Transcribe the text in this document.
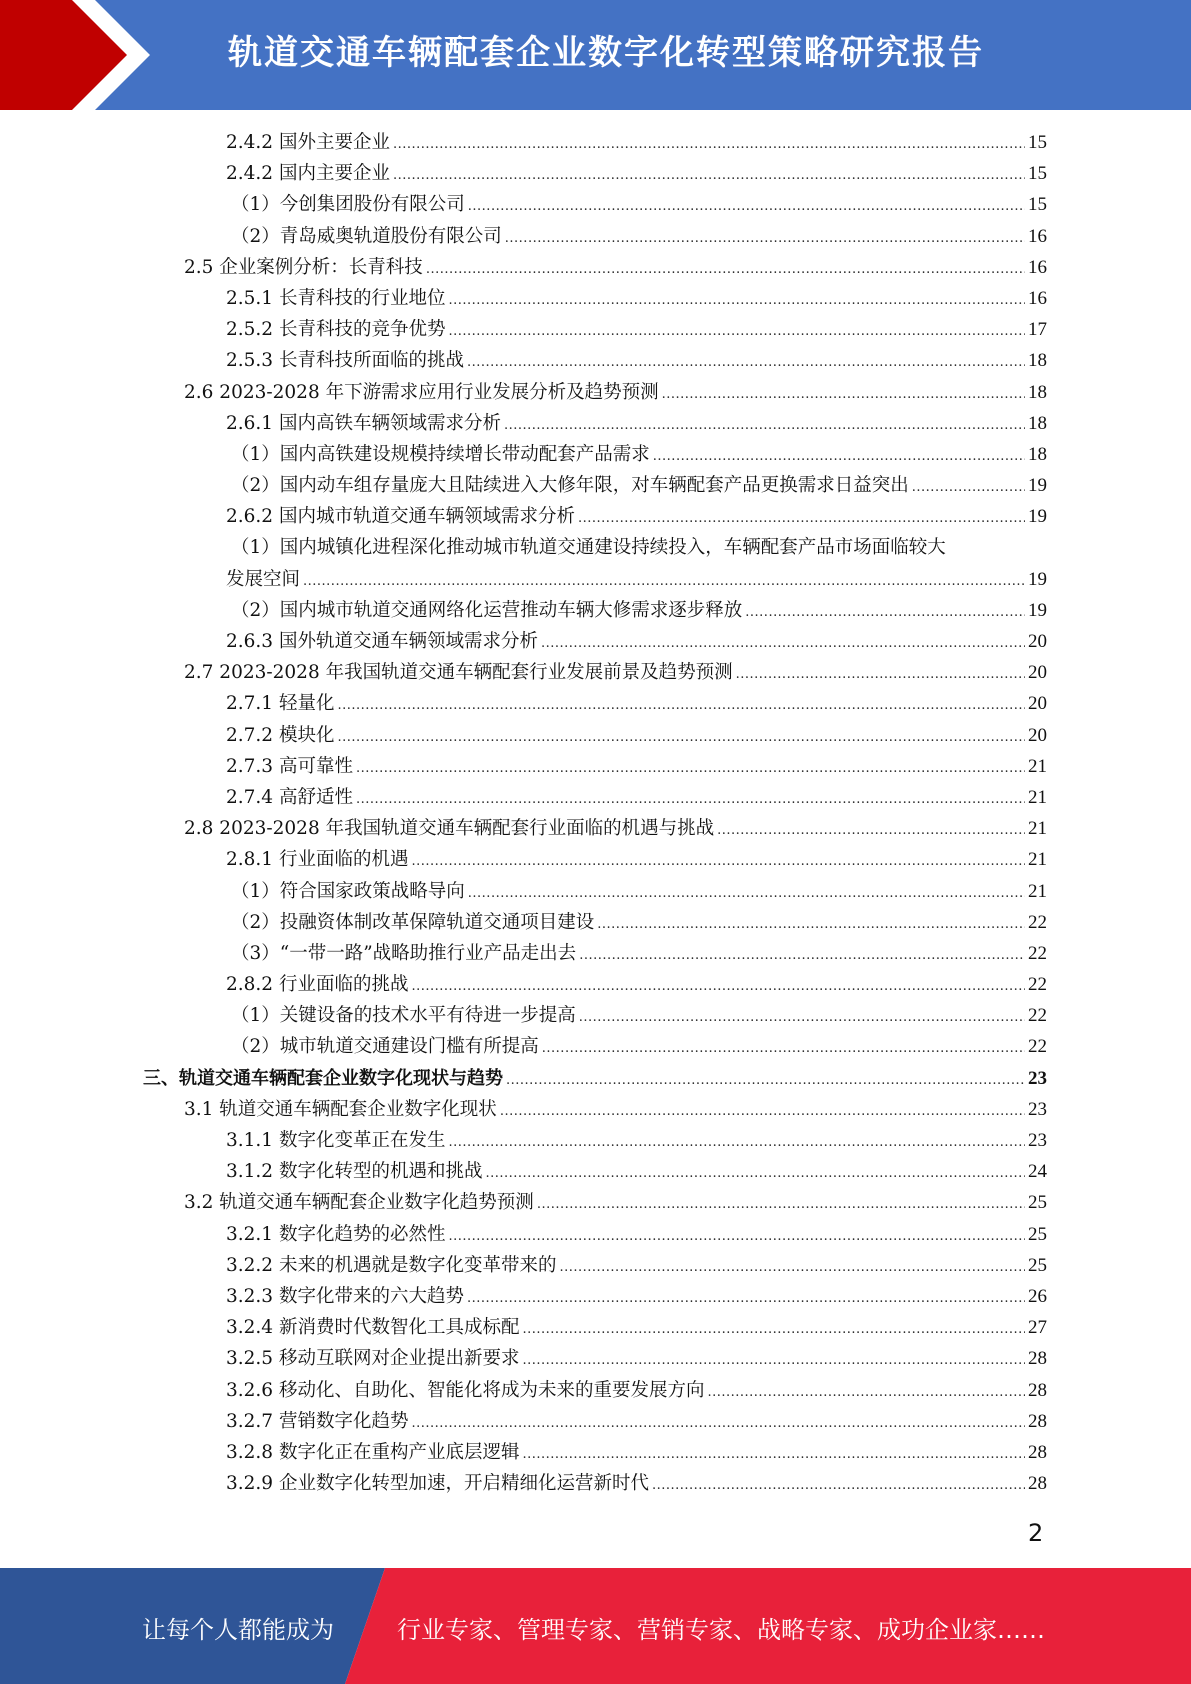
轨道交通车辆配套企业数字化转型策略研究报告
2.4.2 国外主要企业 .....	15
2.4.2 国内主要企业 .....	15
（1）今创集团股份有限公司 .....	15
（2）青岛威奥轨道股份有限公司 .....	16
2.5 企业案例分析：长青科技 .....	16
2.5.1 长青科技的行业地位 .....	16
2.5.2 长青科技的竞争优势 .....	17
2.5.3 长青科技所面临的挑战 .....	18
2.6 2023-2028 年下游需求应用行业发展分析及趋势预测 .....	18
2.6.1 国内高铁车辆领域需求分析 .....	18
（1）国内高铁建设规模持续增长带动配套产品需求 .....	18
（2）国内动车组存量庞大且陆续进入大修年限，对车辆配套产品更换需求日益突出 .....	19
2.6.2 国内城市轨道交通车辆领域需求分析 .....	19
（1）国内城镇化进程深化推动城市轨道交通建设持续投入，车辆配套产品市场面临较大
发展空间 .....	19
（2）国内城市轨道交通网络化运营推动车辆大修需求逐步释放 .....	19
2.6.3 国外轨道交通车辆领域需求分析 .....	20
2.7 2023-2028 年我国轨道交通车辆配套行业发展前景及趋势预测 .....	20
2.7.1 轻量化 .....	20
2.7.2 模块化 .....	20
2.7.3 高可靠性 .....	21
2.7.4 高舒适性 .....	21
2.8 2023-2028 年我国轨道交通车辆配套行业面临的机遇与挑战 .....	21
2.8.1 行业面临的机遇 .....	21
（1）符合国家政策战略导向 .....	21
（2）投融资体制改革保障轨道交通项目建设 .....	22
（3）“一带一路”战略助推行业产品走出去 .....	22
2.8.2 行业面临的挑战 .....	22
（1）关键设备的技术水平有待进一步提高 .....	22
（2）城市轨道交通建设门槛有所提高 .....	22
三、轨道交通车辆配套企业数字化现状与趋势 .....	23
3.1 轨道交通车辆配套企业数字化现状 .....	23
3.1.1 数字化变革正在发生 .....	23
3.1.2 数字化转型的机遇和挑战 .....	24
3.2 轨道交通车辆配套企业数字化趋势预测 .....	25
3.2.1 数字化趋势的必然性 .....	25
3.2.2 未来的机遇就是数字化变革带来的 .....	25
3.2.3 数字化带来的六大趋势 .....	26
3.2.4 新消费时代数智化工具成标配 .....	27
3.2.5 移动互联网对企业提出新要求 .....	28
3.2.6 移动化、自助化、智能化将成为未来的重要发展方向 .....	28
3.2.7 营销数字化趋势 .....	28
3.2.8 数字化正在重构产业底层逻辑 .....	28
3.2.9 企业数字化转型加速，开启精细化运营新时代 .....	28
2
让每个人都能成为	行业专家、管理专家、营销专家、战略专家、成功企业家……
